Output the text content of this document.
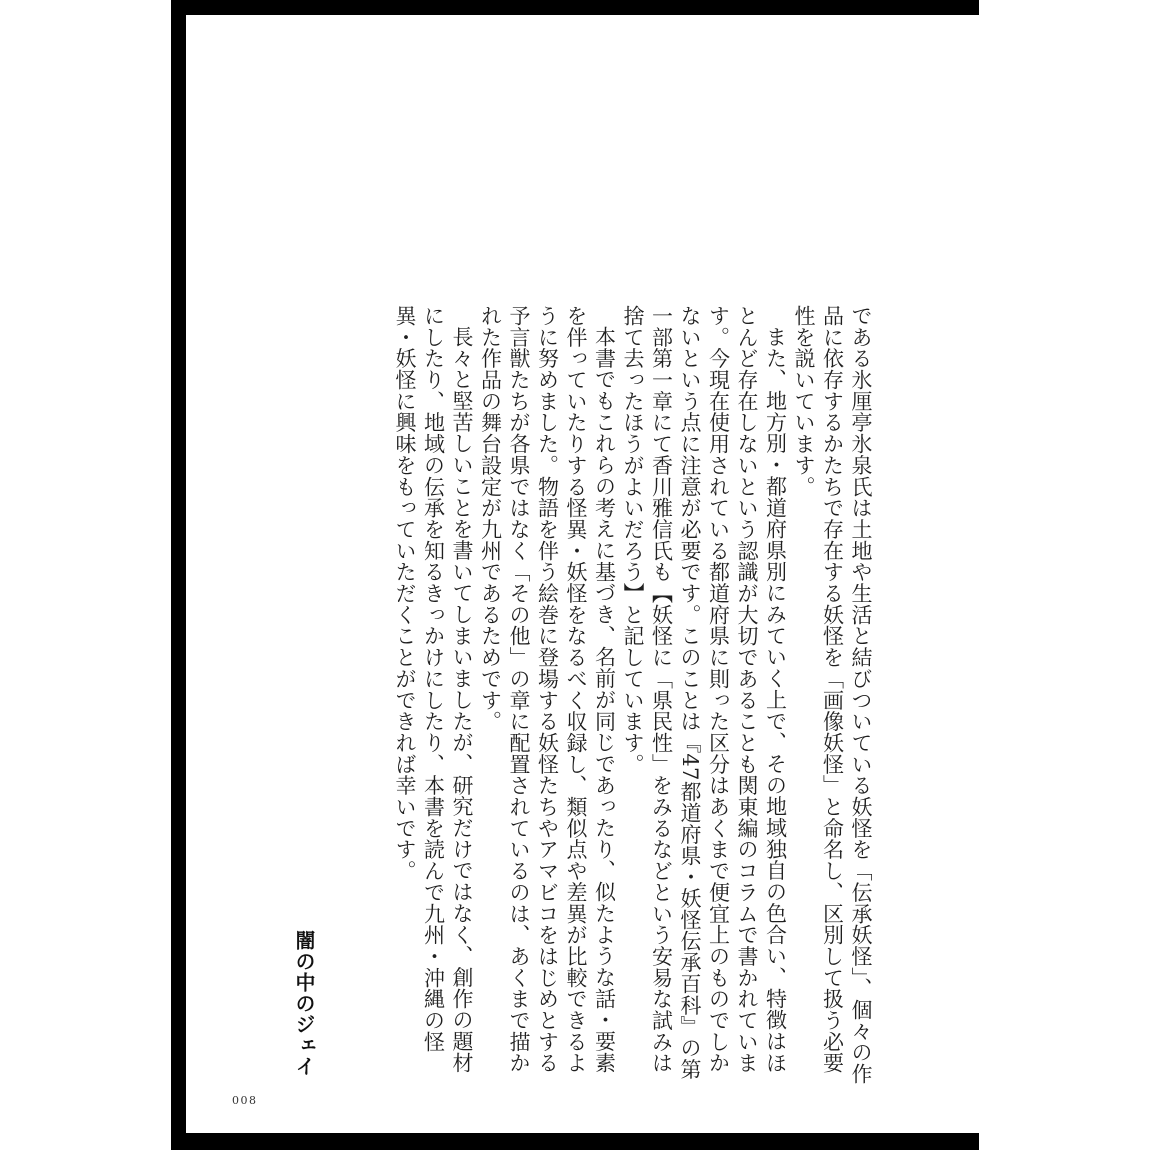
である氷厘亭氷泉氏は土地や生活と結びついている妖怪を「伝承妖怪」、個々の作品に依存するかたちで存在する妖怪を「画像妖怪」と命名し、区別して扱う必要性を説いています。

また、地方別・都道府県別にみていく上で、その地域独自の色合い、特徴はほとんど存在しないという認識が大切であることも関東編のコラムで書かれています。今現在使用されている都道府県に則った区分はあくまで便宜上のものでしかないという点に注意が必要です。このことは『47都道府県・妖怪伝承百科』の第一部第一章にて香川雅信氏も【妖怪に「県民性」をみるなどという安易な試みは捨て去ったほうがよいだろう】と記しています。

本書でもこれらの考えに基づき、名前が同じであったり、似たような話・要素を伴っていたりする怪異・妖怪をなるべく収録し、類似点や差異が比較できるように努めました。物語を伴う絵巻に登場する妖怪たちやアマビコをはじめとする予言獣たちが各県ではなく「その他」の章に配置されているのは、あくまで描かれた作品の舞台設定が九州であるためです。

長々と堅苦しいことを書いてしまいましたが、研究だけではなく、創作の題材にしたり、地域の伝承を知るきっかけにしたり、本書を読んで九州・沖縄の怪異・妖怪に興味をもっていただくことができれば幸いです。

闇の中のジェイ
008
